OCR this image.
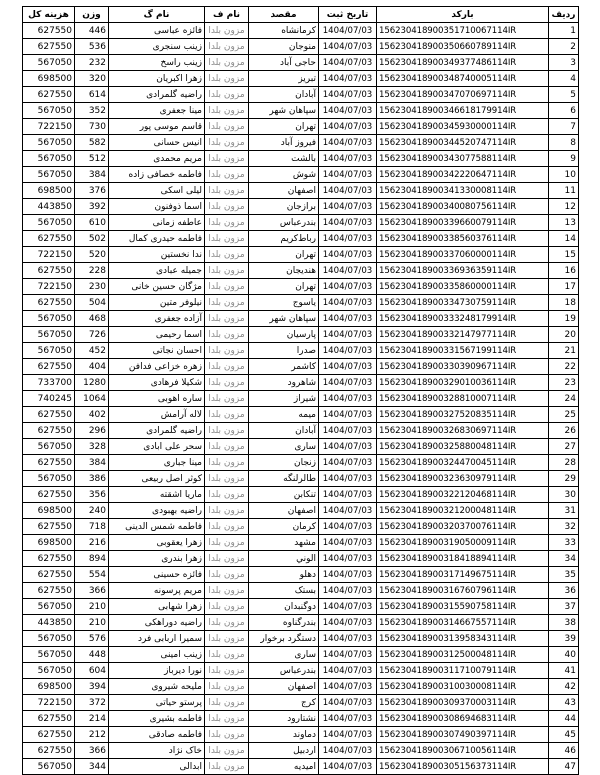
هزینه کل	وزن	نام گ	نام ف	مقصد	تاریخ ثبت	بارکد	ردیف
627550	446	فائزه عباسی	مزون بلدا	کرمانشاه	1404/07/03	156230418900351710067114IR	1
627550	536	زینب سنجری	مزون بلدا	منوجان	1404/07/03	156230418900350660789114IR	2
567050	232	زینب راسخ	مزون بلدا	حاجی آباد	1404/07/03	156230418900349377486114IR	3
698500	320	زهرا اکبریان	مزون بلدا	تبریز	1404/07/03	156230418900348740005114IR	4
627550	614	راضیه گلمرادی	مزون بلدا	آبادان	1404/07/03	156230418900347070697114IR	5
567050	352	مینا جعفری	مزون بلدا	سپاهان شهر	1404/07/03	156230418900346618179914IR	6
722150	730	قاسم موسی پور	مزون بلدا	تهران	1404/07/03	156230418900345930000114IR	7
567050	582	انیس حسانی	مزون بلدا	فیروز آباد	1404/07/03	156230418900344520747114IR	8
567050	512	مریم محمدی	مزون بلدا	بالشت	1404/07/03	156230418900343077588114IR	9
567050	384	فاطمه خصافی زاده	مزون بلدا	شوش	1404/07/03	156230418900342220647114IR	10
698500	376	لیلی اسکی	مزون بلدا	اصفهان	1404/07/03	156230418900341330008114IR	11
443850	392	اسما ذوفنون	مزون بلدا	برازجان	1404/07/03	156230418900340080756114IR	12
567050	610	عاطفه زمانی	مزون بلدا	بندرعباس	1404/07/03	156230418900339660079114IR	13
627550	502	فاطمه حیدری کمال	مزون بلدا	رباط‌کریم	1404/07/03	156230418900338560376114IR	14
722150	520	ندا نخستین	مزون بلدا	تهران	1404/07/03	156230418900337060000114IR	15
627550	228	جمیله عبادی	مزون بلدا	هندیجان	1404/07/03	156230418900336936359114IR	16
722150	230	مژگان حسین خانی	مزون بلدا	تهران	1404/07/03	156230418900335860000114IR	17
627550	504	نیلوفر متین	مزون بلدا	یاسوج	1404/07/03	156230418900334730759114IR	18
567050	468	آزاده جعفری	مزون بلدا	سپاهان شهر	1404/07/03	156230418900333248179914IR	19
567050	726	اسما رحیمی	مزون بلدا	پارسیان	1404/07/03	156230418900332147977114IR	20
567050	452	احسان نجاتی	مزون بلدا	صدرا	1404/07/03	156230418900331567199114IR	21
627550	404	زهره خزاعی فدافن	مزون بلدا	کاشمر	1404/07/03	156230418900330390967114IR	22
733700	1280	شکیلا فرهادی	مزون بلدا	شاهرود	1404/07/03	156230418900329010036114IR	23
740245	1064	ساره اهوبی	مزون بلدا	شیراز	1404/07/03	156230418900328810007114IR	24
627550	402	لاله آرامش	مزون بلدا	میمه	1404/07/03	156230418900327520835114IR	25
627550	296	راضیه گلمرادی	مزون بلدا	آبادان	1404/07/03	156230418900326830697114IR	26
567050	328	سحر علی ابادی	مزون بلدا	ساری	1404/07/03	156230418900325880048114IR	27
627550	384	مینا جباری	مزون بلدا	زنجان	1404/07/03	156230418900324470045114IR	28
567050	386	کوثر اصل ربیعی	مزون بلدا	طالرلنگه	1404/07/03	156230418900323630979114IR	29
627550	356	ماریا اشقته	مزون بلدا	تنکابن	1404/07/03	156230418900322120468114IR	30
698500	240	راضیه بهبودی	مزون بلدا	اصفهان	1404/07/03	156230418900321200048114IR	31
627550	718	فاطمه شمس الدینی	مزون بلدا	کرمان	1404/07/03	156230418900320370076114IR	32
698500	216	زهرا یعقوبی	مزون بلدا	مشهد	1404/07/03	156230418900319050009114IR	33
627550	894	زهرا بندری	مزون بلدا	الوني	1404/07/03	156230418900318418894114IR	34
627550	554	فائزه حسینی	مزون بلدا	دهلو	1404/07/03	156230418900317149675114IR	35
627550	366	مریم پرسونه	مزون بلدا	بستک	1404/07/03	156230418900316760796114IR	36
567050	210	زهرا شهابی	مزون بلدا	دوگنبدان	1404/07/03	156230418900315590758114IR	37
443850	210	راضیه دوراهکی	مزون بلدا	بندرگناوه	1404/07/03	156230418900314667557114IR	38
567050	576	سمیرا اربابی فرد	مزون بلدا	دستگرد برخوار	1404/07/03	156230418900313958343114IR	39
567050	448	زینب امینی	مزون بلدا	ساری	1404/07/03	156230418900312500048114IR	40
567050	604	نورا دیرباز	مزون بلدا	بندرعباس	1404/07/03	156230418900311710079114IR	41
698500	394	ملیحه شیروی	مزون بلدا	اصفهان	1404/07/03	156230418900310030008114IR	42
722150	372	پرستو حیاتی	مزون بلدا	کرج	1404/07/03	156230418900309370003114IR	43
627550	214	فاطمه بشیری	مزون بلدا	نشتارود	1404/07/03	156230418900308694683114IR	44
627550	212	فاطمه صادقی	مزون بلدا	دماوند	1404/07/03	156230418900307490397114IR	45
627550	366	خاک نژاد	مزون بلدا	اردبیل	1404/07/03	156230418900306710056114IR	46
567050	344	ابدالی	مزون بلدا	امیدیه	1404/07/03	156230418900305156373114IR	47
